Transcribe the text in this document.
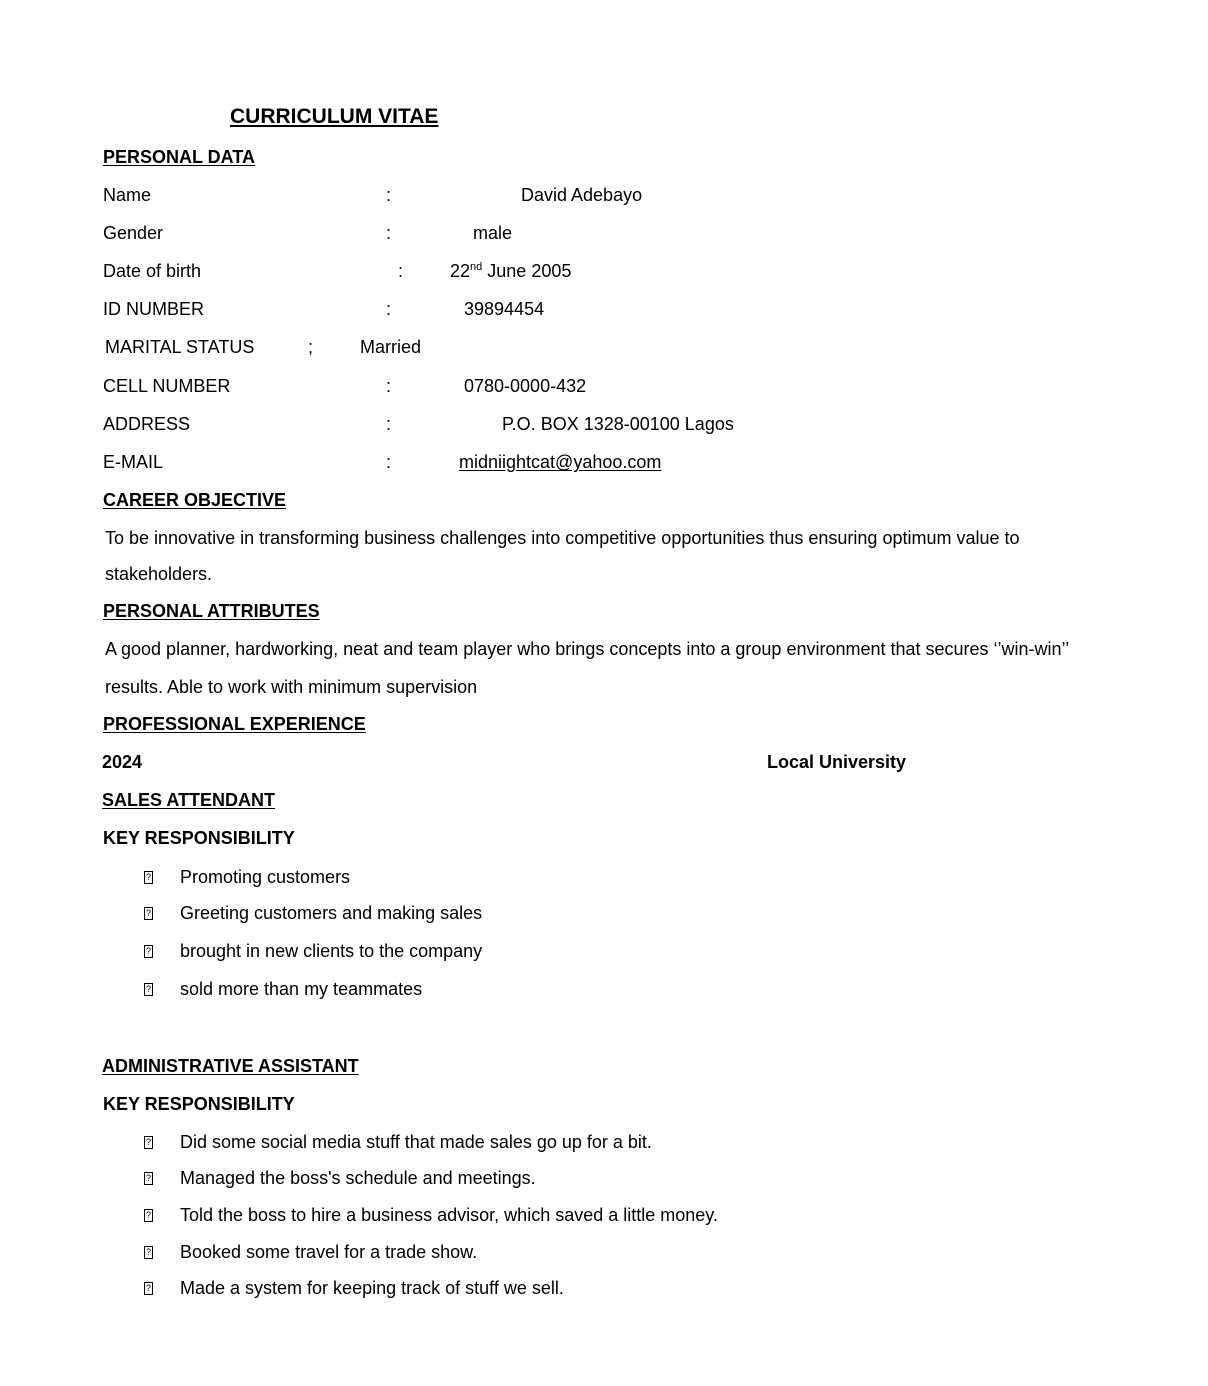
CURRICULUM VITAE
PERSONAL DATA
Name	:	David Adebayo
Gender	:	male
Date of birth	:	22nd June 2005
ID NUMBER	:	39894454
MARITAL STATUS	;	Married
CELL NUMBER	:	0780-0000-432
ADDRESS	:	P.O. BOX 1328-00100 Lagos
E-MAIL	:	midniightcat@yahoo.com
CAREER OBJECTIVE
To be innovative in transforming business challenges into competitive opportunities thus ensuring optimum value to
stakeholders.
PERSONAL ATTRIBUTES
A good planner, hardworking, neat and team player who brings concepts into a group environment that secures ‘’win-win’’
results. Able to work with minimum supervision
PROFESSIONAL EXPERIENCE
2024	Local University
SALES ATTENDANT
KEY RESPONSIBILITY
? Promoting customers
? Greeting customers and making sales
? brought in new clients to the company
? sold more than my teammates
ADMINISTRATIVE ASSISTANT
KEY RESPONSIBILITY
? Did some social media stuff that made sales go up for a bit.
? Managed the boss's schedule and meetings.
? Told the boss to hire a business advisor, which saved a little money.
? Booked some travel for a trade show.
? Made a system for keeping track of stuff we sell.
